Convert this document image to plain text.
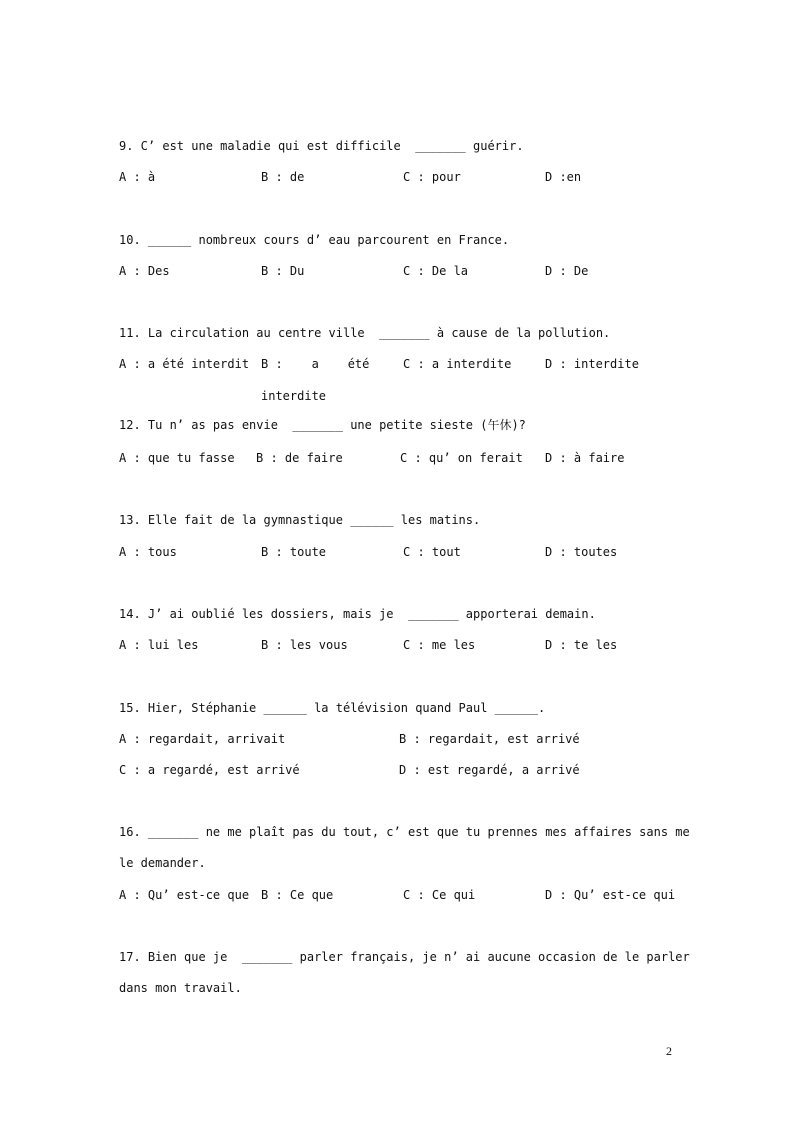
9. C’ est une maladie qui est difficile  _______ guérir.
A : à	B : de	C : pour	D :en
10. ______ nombreux cours d’ eau parcourent en France.
A : Des	B : Du	C : De la	D : De
11. La circulation au centre ville  _______ à cause de la pollution.
A : a été interdit B :    a    été	C : a interdite	D : interdite
interdite
12. Tu n’ as pas envie  _______ une petite sieste (午休)?
A : que tu fasse B : de faire	C : qu’ on ferait D : à faire
13. Elle fait de la gymnastique ______ les matins.
A : tous	B : toute	C : tout	D : toutes
14. J’ ai oublié les dossiers, mais je  _______ apporterai demain.
A : lui les	B : les vous	C : me les	D : te les
15. Hier, Stéphanie ______ la télévision quand Paul ______.
A : regardait, arrivait	B : regardait, est arrivé
C : a regardé, est arrivé	D : est regardé, a arrivé
16. _______ ne me plaît pas du tout, c’ est que tu prennes mes affaires sans me
le demander.
A : Qu’ est-ce que B : Ce que	C : Ce qui	D : Qu’ est-ce qui
17. Bien que je  _______ parler français, je n’ ai aucune occasion de le parler
dans mon travail.
2
